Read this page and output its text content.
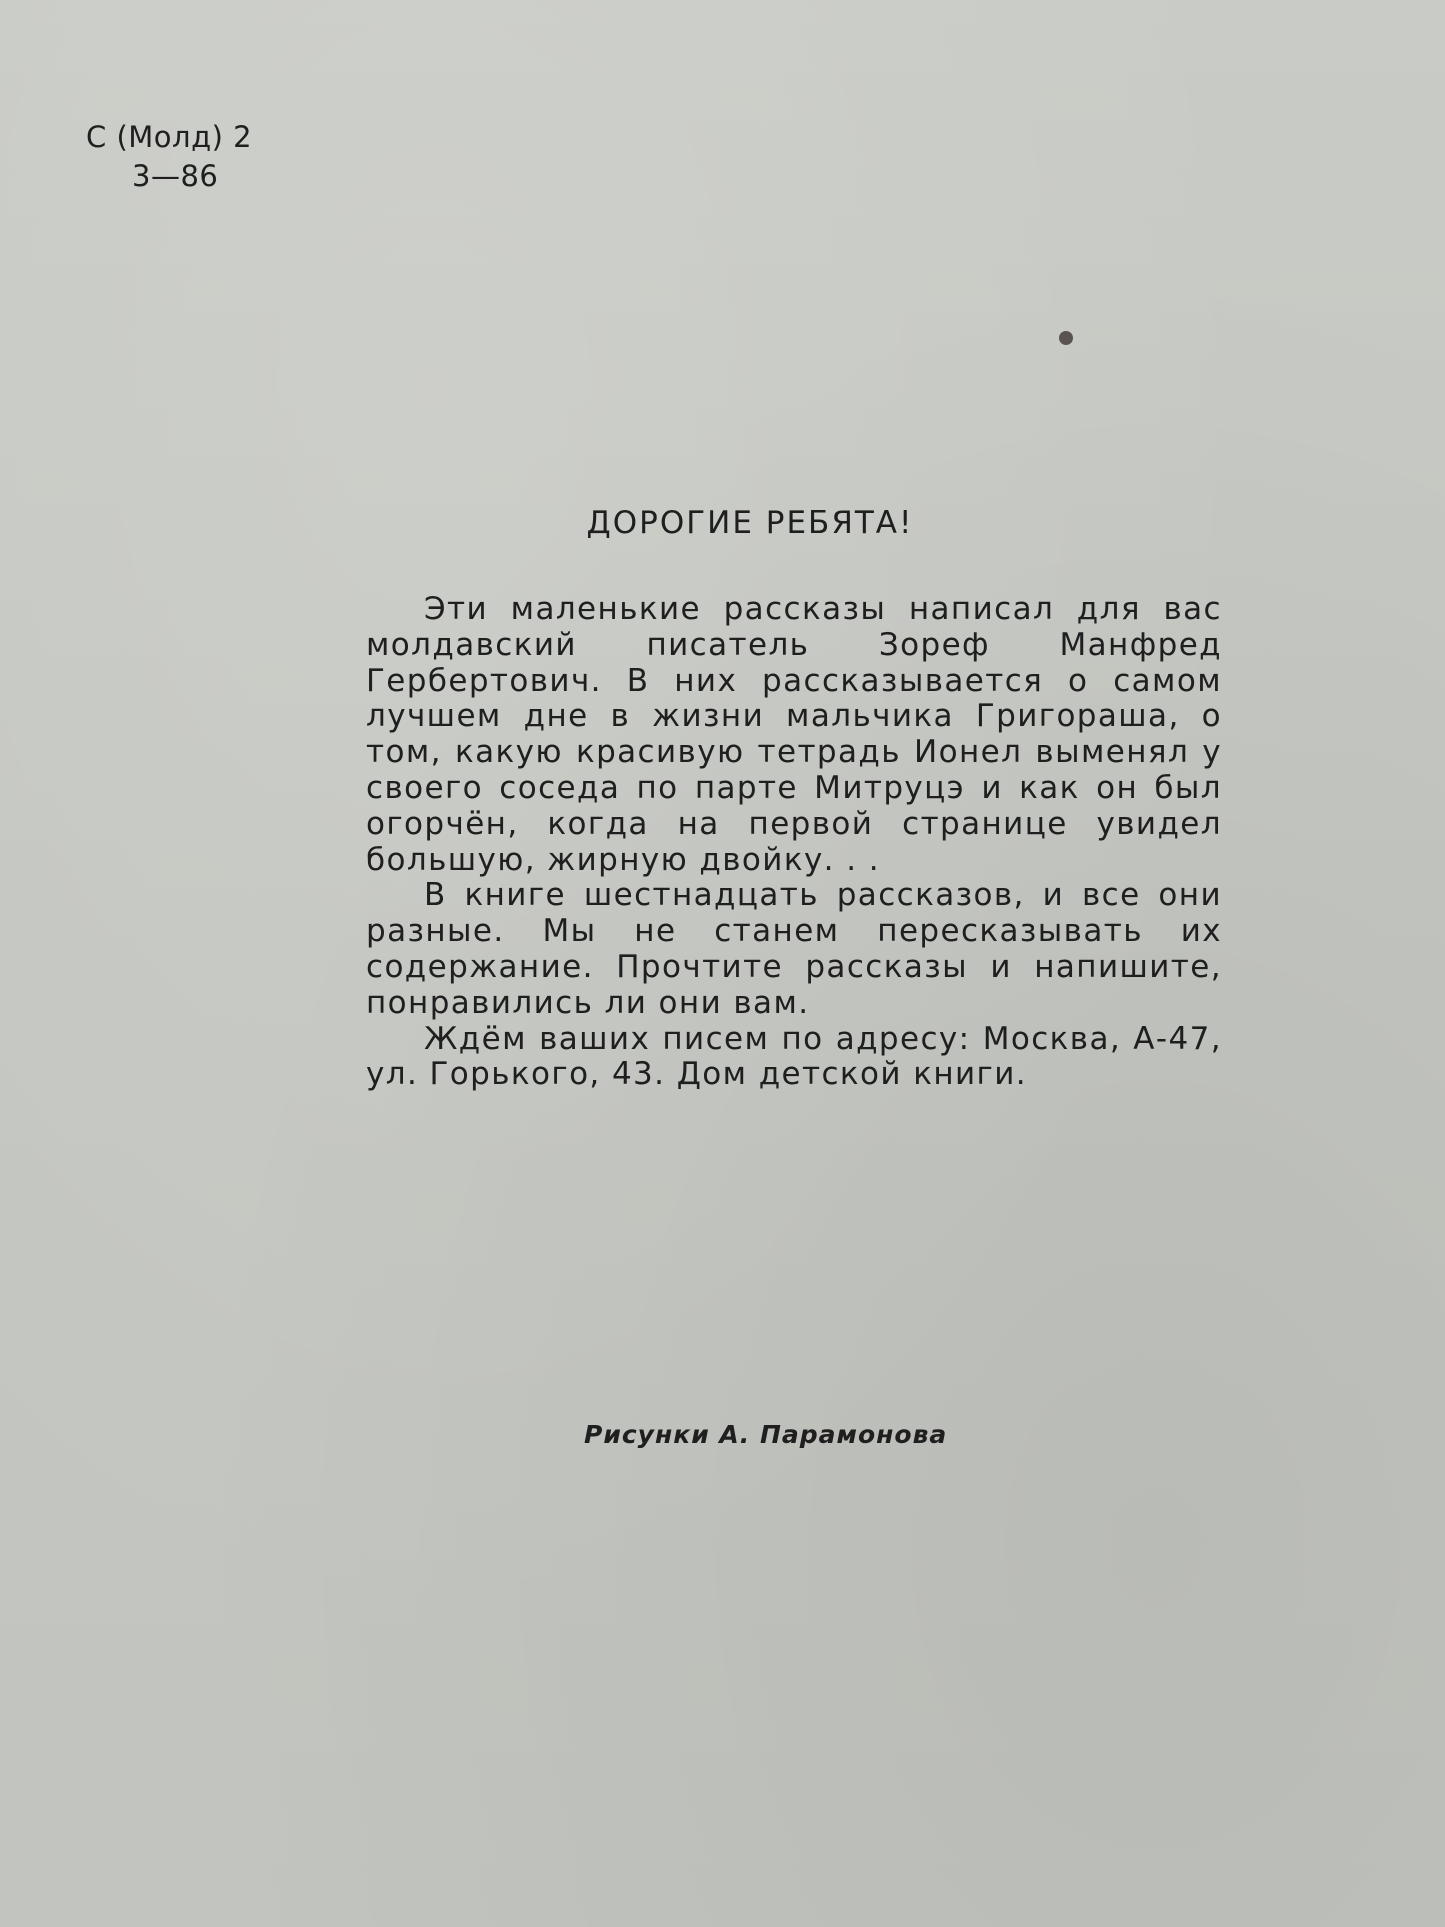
С (Молд) 2
3—86
ДОРОГИЕ РЕБЯТА!

Эти маленькие рассказы написал для вас молдавский писатель Зореф Манфред Гербертович. В них рассказывается о самом лучшем дне в жизни мальчика Григораша, о том, какую красивую тетрадь Ионел выменял у своего соседа по парте Митруцэ и как он был огорчён, когда на первой странице увидел большую, жирную двойку. . .

В книге шестнадцать рассказов, и все они разные. Мы не станем пересказывать их содержание. Прочтите рассказы и напишите, понравились ли они вам.

Ждём ваших писем по адресу: Москва, А-47, ул. Горького, 43. Дом детской книги.

Рисунки А. Парамонова
